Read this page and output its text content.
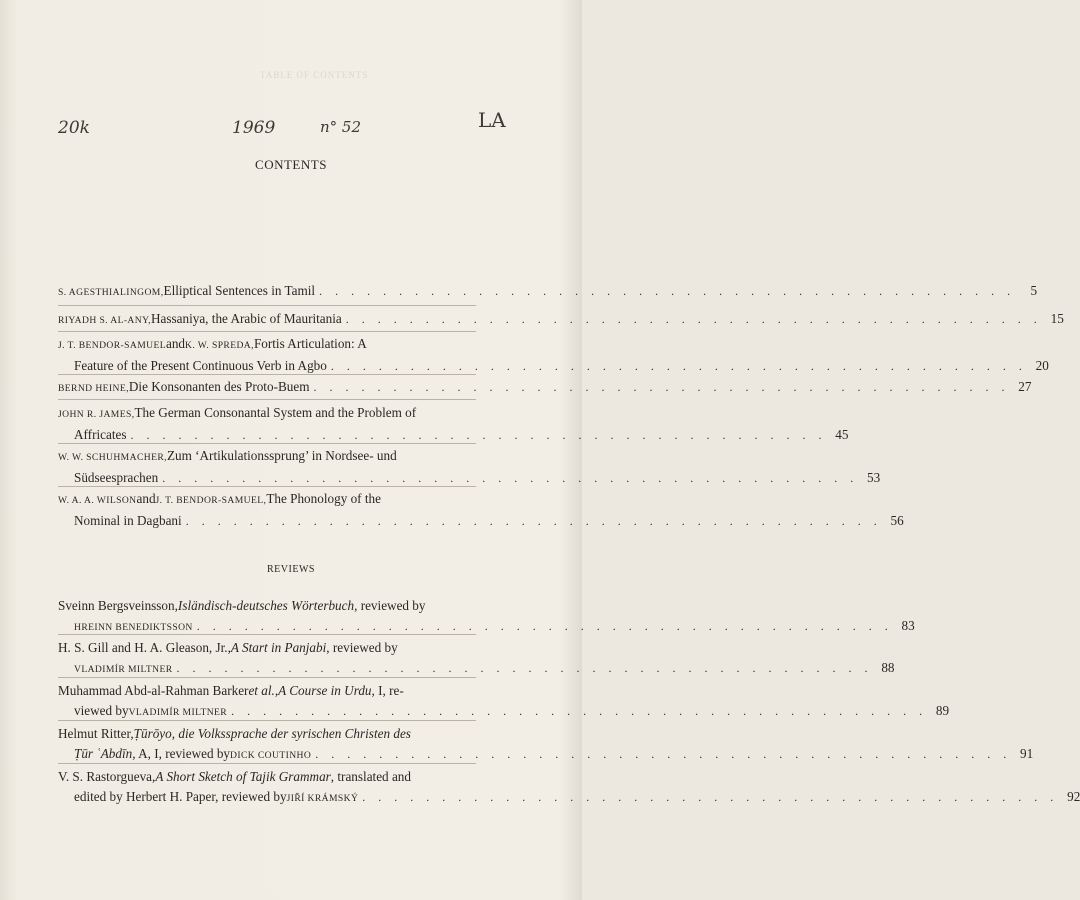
TABLE OF CONTENTS
20k	1969	n° 52	LA
CONTENTS
S. AGESTHIALINGOM, Elliptical Sentences in Tamil . . . . . . . . . . . . . . . . . . . . . . . . . . . . . . . . . . . . . . . . . . . .	5
RIYADH S. AL-ANY, Hassaniya, the Arabic of Mauritania . . . . . . . . . . . . . . . . . . . . . . . . . . . . . . . . . . . . . . . . . . . . 15
J. T. BENDOR-SAMUEL and K. W. SPREDA, Fortis Articulation: A
Feature of the Present Continuous Verb in Agbo . . . . . . . . . . . . . . . . . . . . . . . . . . . . . . . . . . . . . . . . . . . . 20
BERND HEINE, Die Konsonanten des Proto-Buem . . . . . . . . . . . . . . . . . . . . . . . . . . . . . . . . . . . . . . . . . . . . 27
JOHN R. JAMES, The German Consonantal System and the Problem of
Affricates . . . . . . . . . . . . . . . . . . . . . . . . . . . . . . . . . . . . . . . . . . . . 45
W. W. SCHUHMACHER, Zum ‘Artikulationssprung’ in Nordsee- und
Südseesprachen . . . . . . . . . . . . . . . . . . . . . . . . . . . . . . . . . . . . . . . . . . . . 53
W. A. A. WILSON and J. T. BENDOR-SAMUEL, The Phonology of the
Nominal in Dagbani . . . . . . . . . . . . . . . . . . . . . . . . . . . . . . . . . . . . . . . . . . . . 56
REVIEWS
Sveinn Bergsveinsson, Isländisch-deutsches Wörterbuch , reviewed by
HREINN BENEDIKTSSON . . . . . . . . . . . . . . . . . . . . . . . . . . . . . . . . . . . . . . . . . . . . 83
H. S. Gill and H. A. Gleason, Jr., A Start in Panjabi , reviewed by
VLADIMÍR MILTNER . . . . . . . . . . . . . . . . . . . . . . . . . . . . . . . . . . . . . . . . . . . . 88
Muhammad Abd-al-Rahman Barker et al. , A Course in Urdu , I, re-
viewed by VLADIMÍR MILTNER . . . . . . . . . . . . . . . . . . . . . . . . . . . . . . . . . . . . . . . . . . . . 89
Helmut Ritter, Ṭūrōyo, die Volkssprache der syrischen Christen des
Ṭūr ʿAbdīn , A, I, reviewed by DICK COUTINHO . . . . . . . . . . . . . . . . . . . . . . . . . . . . . . . . . . . . . . . . . . . . 91
V. S. Rastorgueva, A Short Sketch of Tajik Grammar , translated and
edited by Herbert H. Paper, reviewed by JIŘÍ KRÁMSKÝ . . . . . . . . . . . . . . . . . . . . . . . . . . . . . . . . . . . . . . . . . . . . 92
